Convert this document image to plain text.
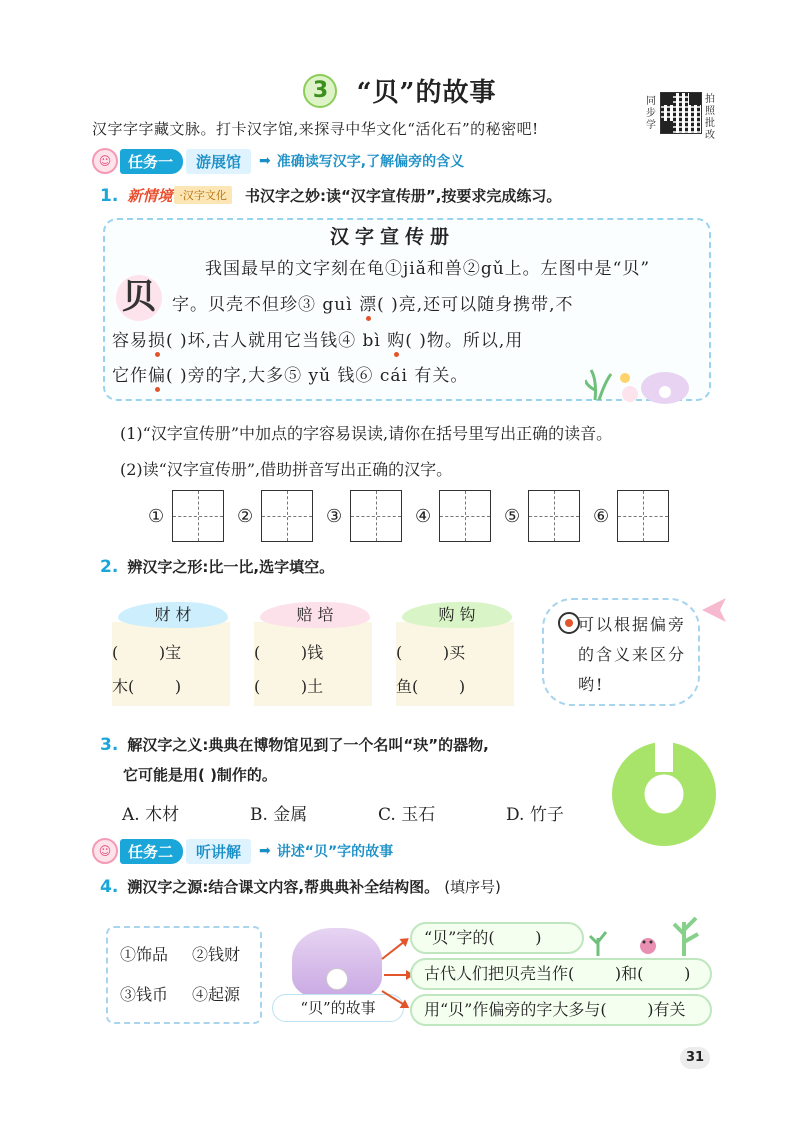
3 “贝”的故事
汉字字字藏文脉。打卡汉字馆,来探寻中华文化“活化石”的秘密吧!
同步学
拍照批改
☺	任务一	游展馆	➡ 准确读写汉字,了解偏旁的含义
1. 新情境 ·汉字文化 书汉字之妙:读“汉字宣传册”,按要求完成练习。
汉字宣传册
贝
我国最早的文字刻在龟①jiǎ和兽②gǔ上。左图中是“贝”
字。贝壳不但珍③ guì 漂( )亮,还可以随身携带,不
容易损( )坏,古人就用它当钱④ bì 购( )物。所以,用
它作偏( )旁的字,大多⑤ yǔ 钱⑥ cái 有关。
(1)“汉字宣传册”中加点的字容易误读,请你在括号里写出正确的读音。
(2)读“汉字宣传册”,借助拼音写出正确的汉字。
①	②	③	④	⑤	⑥
2. 辨汉字之形:比一比,选字填空。
(        )宝
木(        )
财 材
(        )钱
(        )土
赔 培
(        )买
鱼(        )
购 钩
可以根据偏旁的含义来区分哟!
3. 解汉字之义:典典在博物馆见到了一个名叫“玦”的器物,
它可能是用( )制作的。
A. 木材	B. 金属	C. 玉石	D. 竹子
☺	任务二	听讲解	➡ 讲述“贝”字的故事
4. 溯汉字之源:结合课文内容,帮典典补全结构图。 (填序号)
①饰品 ②钱财
③钱币 ④起源
“贝”的故事
“贝”字的(        )
古代人们把贝壳当作(        )和(        )
用“贝”作偏旁的字大多与(        )有关
31
